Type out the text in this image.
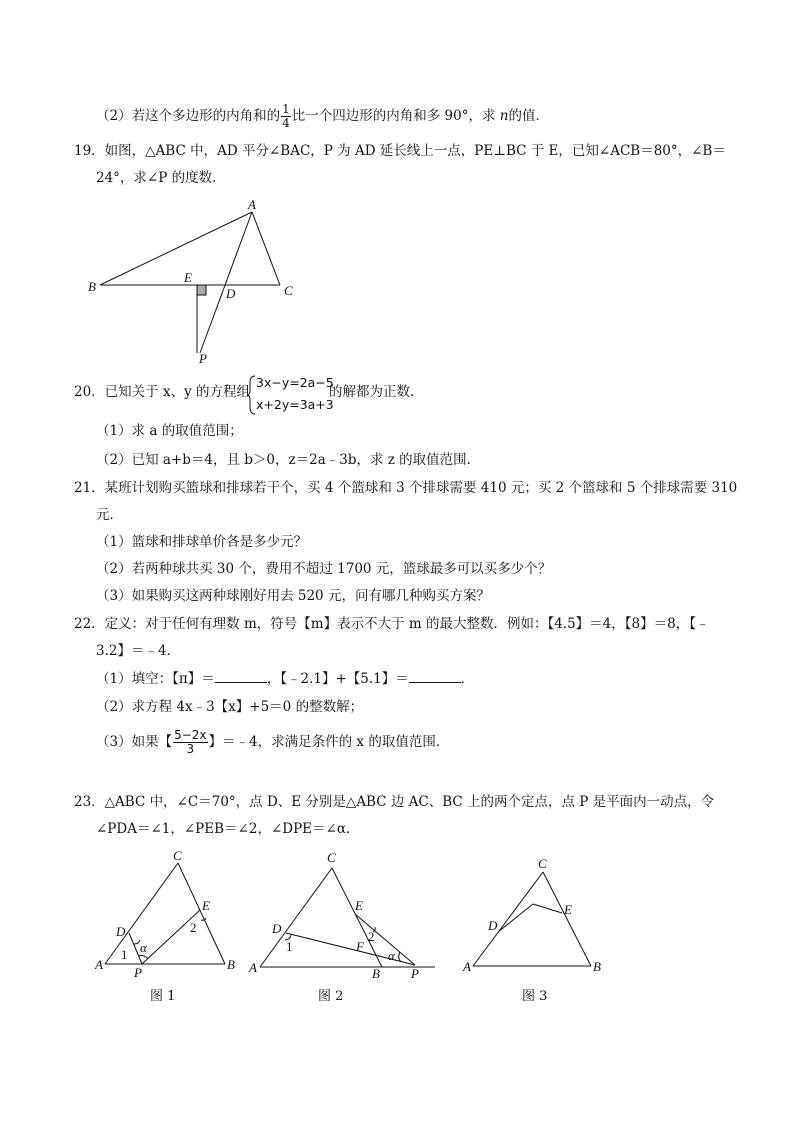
（2）若这个多边形的内角和的 $\frac{1}{4}$ 比一个四边形的内角和多 90°，求 n的值．
19．如图，△ABC 中，AD 平分∠BAC，P 为 AD 延长线上一点，PE⊥BC 于 E，已知∠ACB＝80°，∠B＝
24°，求∠P 的度数．
A
B	C
D
E
P
20．已知关于 x、y 的方程组
3x−y=2a−5
x+2y=3a+3
的解都为正数．
（1）求 a 的取值范围；
（2）已知 a+b＝4，且 b＞0，z＝2a﹣3b，求 z 的取值范围．
21．某班计划购买篮球和排球若干个，买 4 个篮球和 3 个排球需要 410 元；买 2 个篮球和 5 个排球需要 310
元．
（1）篮球和排球单价各是多少元？
（2）若两种球共买 30 个，费用不超过 1700 元，篮球最多可以买多少个？
（3）如果购买这两种球刚好用去 520 元，问有哪几种购买方案？
22．定义：对于任何有理数 m，符号【m】表示不大于 m 的最大整数．例如：【4.5】＝4，【8】＝8，【﹣
3.2】＝﹣4．
（1）填空：【π】＝	，【﹣2.1】+【5.1】＝	．
（2）求方程 4x﹣3【x】+5＝0 的整数解；
（3）如果【 $\frac{5-2x}{3}$ 】＝﹣4，求满足条件的 x 的取值范围．
23．△ABC 中，∠C＝70°，点 D、E 分别是△ABC 边 AC、BC 上的两个定点，点 P 是平面内一动点，令
∠PDA＝∠1，∠PEB＝∠2，∠DPE＝∠α．
C
D
E
A	B
P
1
2
α
图 1
C
D
E
F
A	B P
1
2
α
图 2
C
D
E
A	B
图 3
